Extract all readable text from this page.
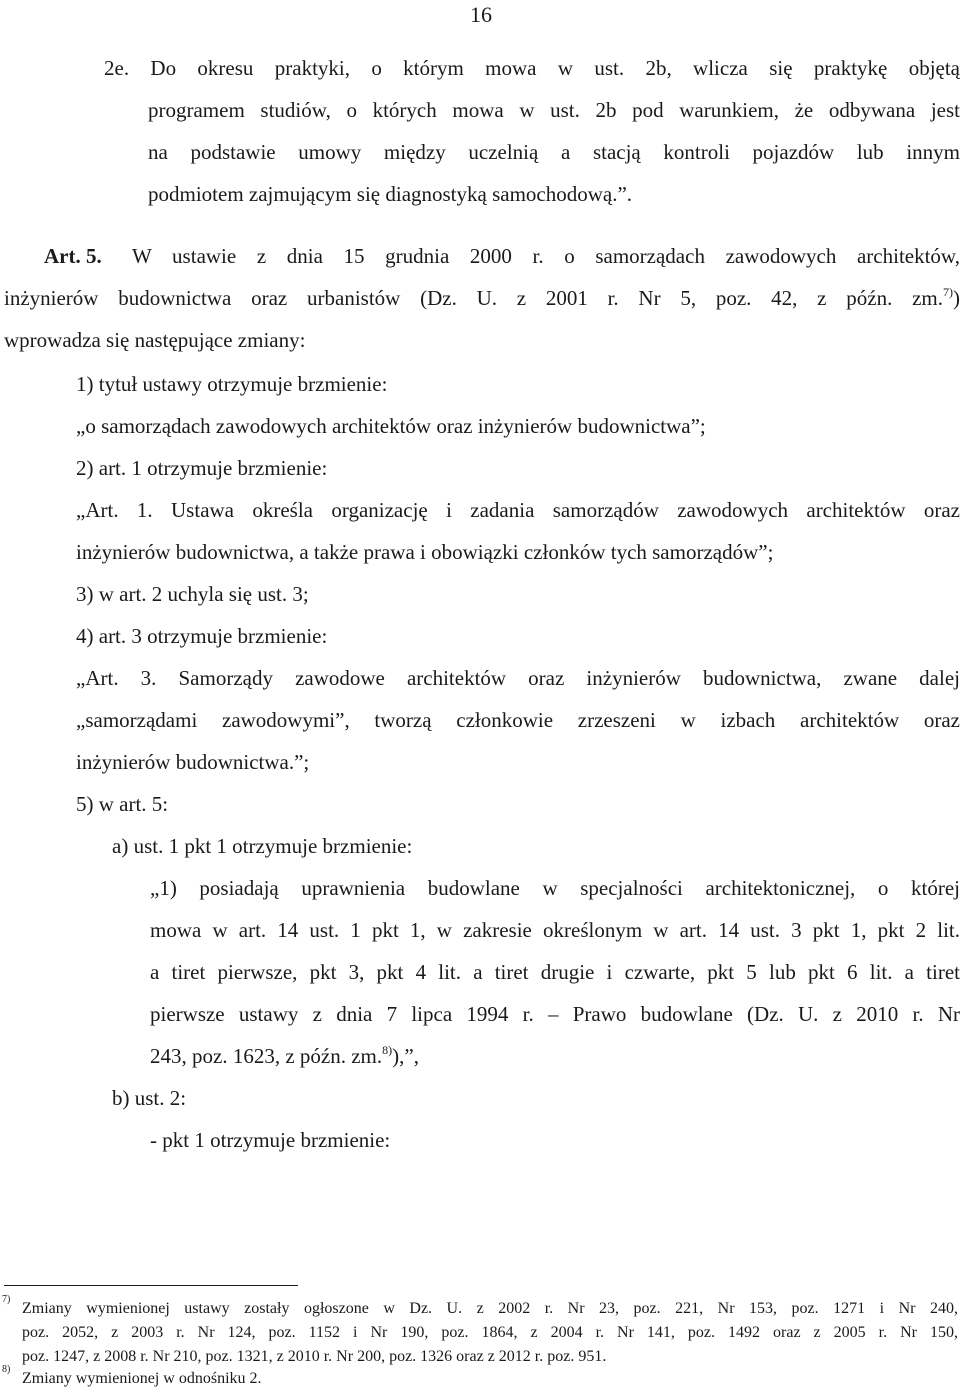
16
2e. Do okresu praktyki, o którym mowa w ust. 2b, wlicza się praktykę objętą
programem studiów, o których mowa w ust. 2b pod warunkiem, że odbywana jest
na podstawie umowy między uczelnią a stacją kontroli pojazdów lub innym
podmiotem zajmującym się diagnostyką samochodową.”.
Art. 5. W ustawie z dnia 15 grudnia 2000 r. o samorządach zawodowych architektów,
inżynierów budownictwa oraz urbanistów (Dz. U. z 2001 r. Nr 5, poz. 42, z późn. zm.$^{7)}$)
wprowadza się następujące zmiany:
1) tytuł ustawy otrzymuje brzmienie:
„o samorządach zawodowych architektów oraz inżynierów budownictwa”;
2) art. 1 otrzymuje brzmienie:
„Art. 1. Ustawa określa organizację i zadania samorządów zawodowych architektów oraz
inżynierów budownictwa, a także prawa i obowiązki członków tych samorządów”;
3) w art. 2 uchyla się ust. 3;
4) art. 3 otrzymuje brzmienie:
„Art. 3. Samorządy zawodowe architektów oraz inżynierów budownictwa, zwane dalej
„samorządami zawodowymi”, tworzą członkowie zrzeszeni w izbach architektów oraz
inżynierów budownictwa.”;
5) w art. 5:
a) ust. 1 pkt 1 otrzymuje brzmienie:
„1) posiadają uprawnienia budowlane w specjalności architektonicznej, o której
mowa w art. 14 ust. 1 pkt 1, w zakresie określonym w art. 14 ust. 3 pkt 1, pkt 2 lit.
a tiret pierwsze, pkt 3, pkt 4 lit. a tiret drugie i czwarte, pkt 5 lub pkt 6 lit. a tiret
pierwsze ustawy z dnia 7 lipca 1994 r. – Prawo budowlane (Dz. U. z 2010 r. Nr
243, poz. 1623, z późn. zm.$^{8)}$),”,
b) ust. 2:
- pkt 1 otrzymuje brzmienie:
$^{7)}$
Zmiany wymienionej ustawy zostały ogłoszone w Dz. U. z 2002 r. Nr 23, poz. 221, Nr 153, poz. 1271 i Nr 240,
poz. 2052, z 2003 r. Nr 124, poz. 1152 i Nr 190, poz. 1864, z 2004 r. Nr 141, poz. 1492 oraz z 2005 r. Nr 150,
poz. 1247, z 2008 r. Nr 210, poz. 1321, z 2010 r. Nr 200, poz. 1326 oraz z 2012 r. poz. 951.
$^{8)}$
Zmiany wymienionej w odnośniku 2.
